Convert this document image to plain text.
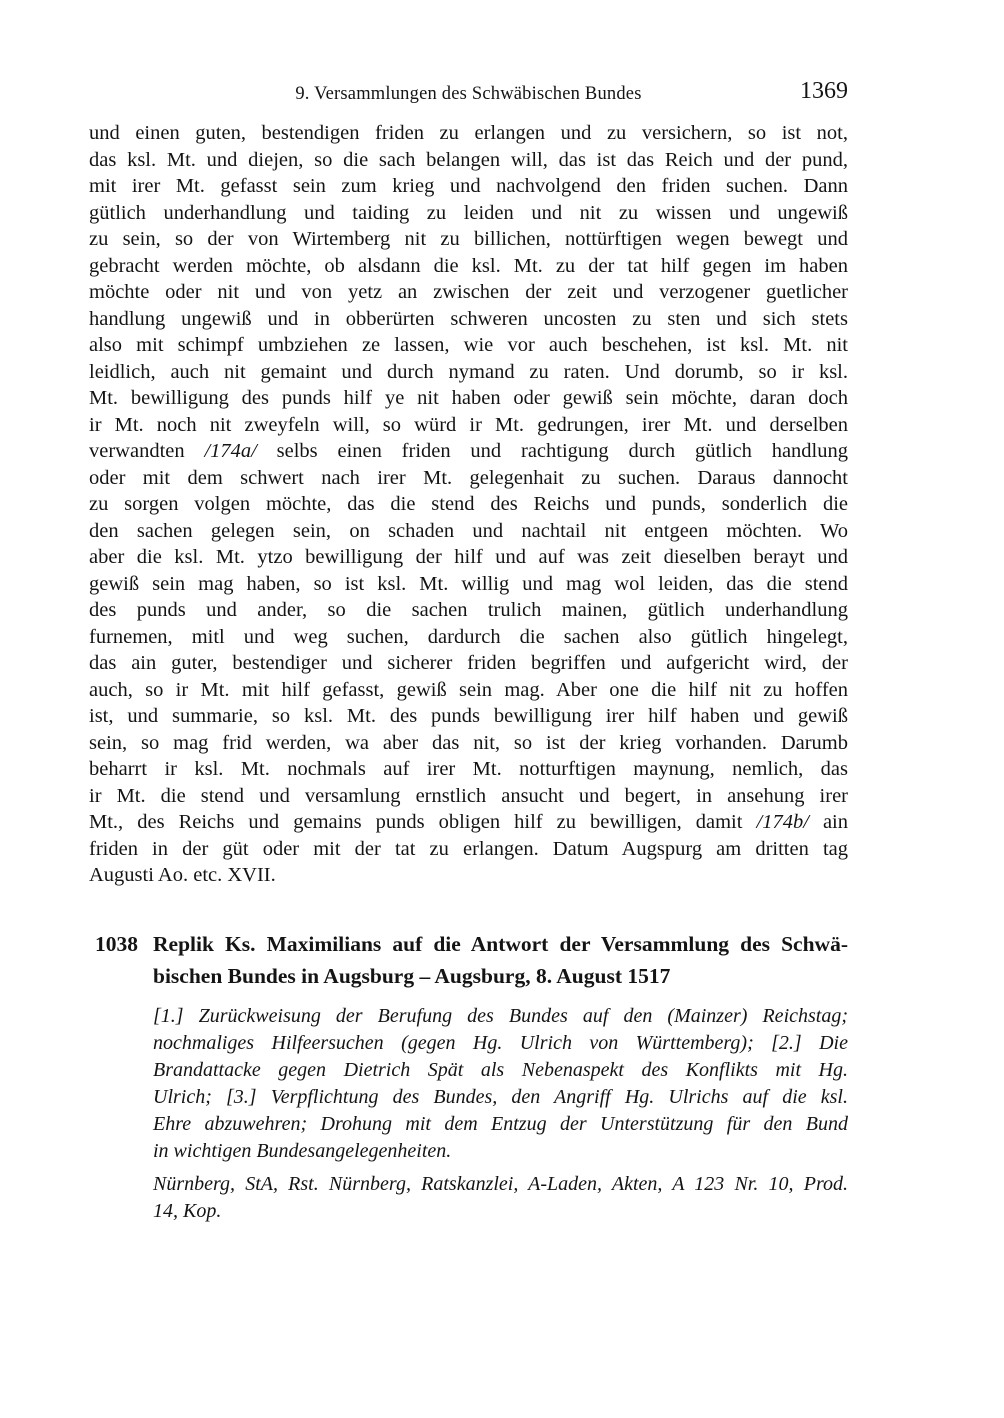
9. Versammlungen des Schwäbischen Bundes	1369
und einen guten, bestendigen friden zu erlangen und zu versichern, so ist not,
das ksl. Mt. und diejen, so die sach belangen will, das ist das Reich und der pund,
mit irer Mt. gefasst sein zum krieg und nachvolgend den friden suchen. Dann
gütlich underhandlung und taiding zu leiden und nit zu wissen und ungewiß
zu sein, so der von Wirtemberg nit zu billichen, nottürftigen wegen bewegt und
gebracht werden möchte, ob alsdann die ksl. Mt. zu der tat hilf gegen im haben
möchte oder nit und von yetz an zwischen der zeit und verzogener guetlicher
handlung ungewiß und in obberürten schweren uncosten zu sten und sich stets
also mit schimpf umbziehen ze lassen, wie vor auch beschehen, ist ksl. Mt. nit
leidlich, auch nit gemaint und durch nymand zu raten. Und dorumb, so ir ksl.
Mt. bewilligung des punds hilf ye nit haben oder gewiß sein möchte, daran doch
ir Mt. noch nit zweyfeln will, so würd ir Mt. gedrungen, irer Mt. und derselben
verwandten /174a/ selbs einen friden und rachtigung durch gütlich handlung
oder mit dem schwert nach irer Mt. gelegenhait zu suchen. Daraus dannocht
zu sorgen volgen möchte, das die stend des Reichs und punds, sonderlich die
den sachen gelegen sein, on schaden und nachtail nit entgeen möchten. Wo
aber die ksl. Mt. ytzo bewilligung der hilf und auf was zeit dieselben berayt und
gewiß sein mag haben, so ist ksl. Mt. willig und mag wol leiden, das die stend
des punds und ander, so die sachen trulich mainen, gütlich underhandlung
furnemen, mitl und weg suchen, dardurch die sachen also gütlich hingelegt,
das ain guter, bestendiger und sicherer friden begriffen und aufgericht wird, der
auch, so ir Mt. mit hilf gefasst, gewiß sein mag. Aber one die hilf nit zu hoffen
ist, und summarie, so ksl. Mt. des punds bewilligung irer hilf haben und gewiß
sein, so mag frid werden, wa aber das nit, so ist der krieg vorhanden. Darumb
beharrt ir ksl. Mt. nochmals auf irer Mt. notturftigen maynung, nemlich, das
ir Mt. die stend und versamlung ernstlich ansucht und begert, in ansehung irer
Mt., des Reichs und gemains punds obligen hilf zu bewilligen, damit /174b/ ain
friden in der güt oder mit der tat zu erlangen. Datum Augspurg am dritten tag
Augusti Ao. etc. XVII.
1038 Replik Ks. Maximilians auf die Antwort der Versammlung des Schwä-
bischen Bundes in Augsburg – Augsburg, 8. August 1517
[1.] Zurückweisung der Berufung des Bundes auf den (Mainzer) Reichstag;
nochmaliges Hilfeersuchen (gegen Hg. Ulrich von Württemberg); [2.] Die
Brandattacke gegen Dietrich Spät als Nebenaspekt des Konflikts mit Hg.
Ulrich; [3.] Verpflichtung des Bundes, den Angriff Hg. Ulrichs auf die ksl.
Ehre abzuwehren; Drohung mit dem Entzug der Unterstützung für den Bund
in wichtigen Bundesangelegenheiten.
Nürnberg, StA, Rst. Nürnberg, Ratskanzlei, A-Laden, Akten, A 123 Nr. 10, Prod.
14, Kop.
